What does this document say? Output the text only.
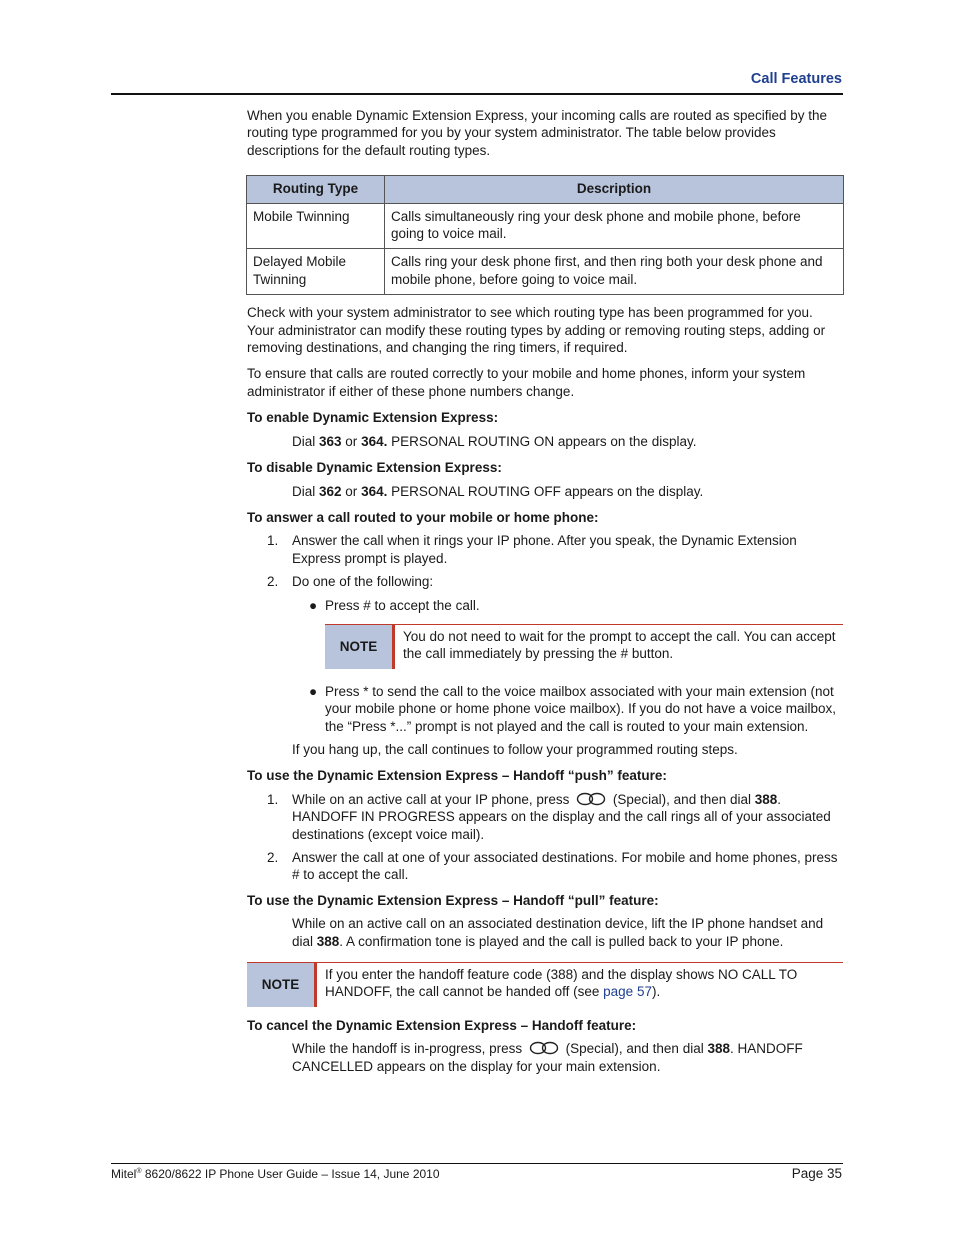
Call Features

When you enable Dynamic Extension Express, your incoming calls are routed as specified by the routing type programmed for you by your system administrator. The table below provides descriptions for the default routing types.

Routing Type	Description
Mobile Twinning	Calls simultaneously ring your desk phone and mobile phone, before going to voice mail.
Delayed Mobile Twinning	Calls ring your desk phone first, and then ring both your desk phone and mobile phone, before going to voice mail.

Check with your system administrator to see which routing type has been programmed for you. Your administrator can modify these routing types by adding or removing routing steps, adding or removing destinations, and changing the ring timers, if required.

To ensure that calls are routed correctly to your mobile and home phones, inform your system administrator if either of these phone numbers change.

To enable Dynamic Extension Express:

Dial 363 or 364. PERSONAL ROUTING ON appears on the display.

To disable Dynamic Extension Express:

Dial 362 or 364. PERSONAL ROUTING OFF appears on the display.

To answer a call routed to your mobile or home phone:

1. Answer the call when it rings your IP phone. After you speak, the Dynamic Extension Express prompt is played.
2. Do one of the following:
● Press # to accept the call.
NOTE
You do not need to wait for the prompt to accept the call. You can accept the call immediately by pressing the # button.
● Press * to send the call to the voice mailbox associated with your main extension (not your mobile phone or home phone voice mailbox). If you do not have a voice mailbox, the “Press *...” prompt is not played and the call is routed to your main extension.

If you hang up, the call continues to follow your programmed routing steps.

To use the Dynamic Extension Express – Handoff “push” feature:

1. While on an active call at your IP phone, press	(Special), and then dial 388. HANDOFF IN PROGRESS appears on the display and the call rings all of your associated destinations (except voice mail).
2. Answer the call at one of your associated destinations. For mobile and home phones, press # to accept the call.

To use the Dynamic Extension Express – Handoff “pull” feature:

While on an active call on an associated destination device, lift the IP phone handset and dial 388. A confirmation tone is played and the call is pulled back to your IP phone.

NOTE
If you enter the handoff feature code (388) and the display shows NO CALL TO HANDOFF, the call cannot be handed off (see page 57).

To cancel the Dynamic Extension Express – Handoff feature:

While the handoff is in-progress, press	(Special), and then dial 388. HANDOFF CANCELLED appears on the display for your main extension.

Mitel® 8620/8622 IP Phone User Guide – Issue 14, June 2010	Page 35
